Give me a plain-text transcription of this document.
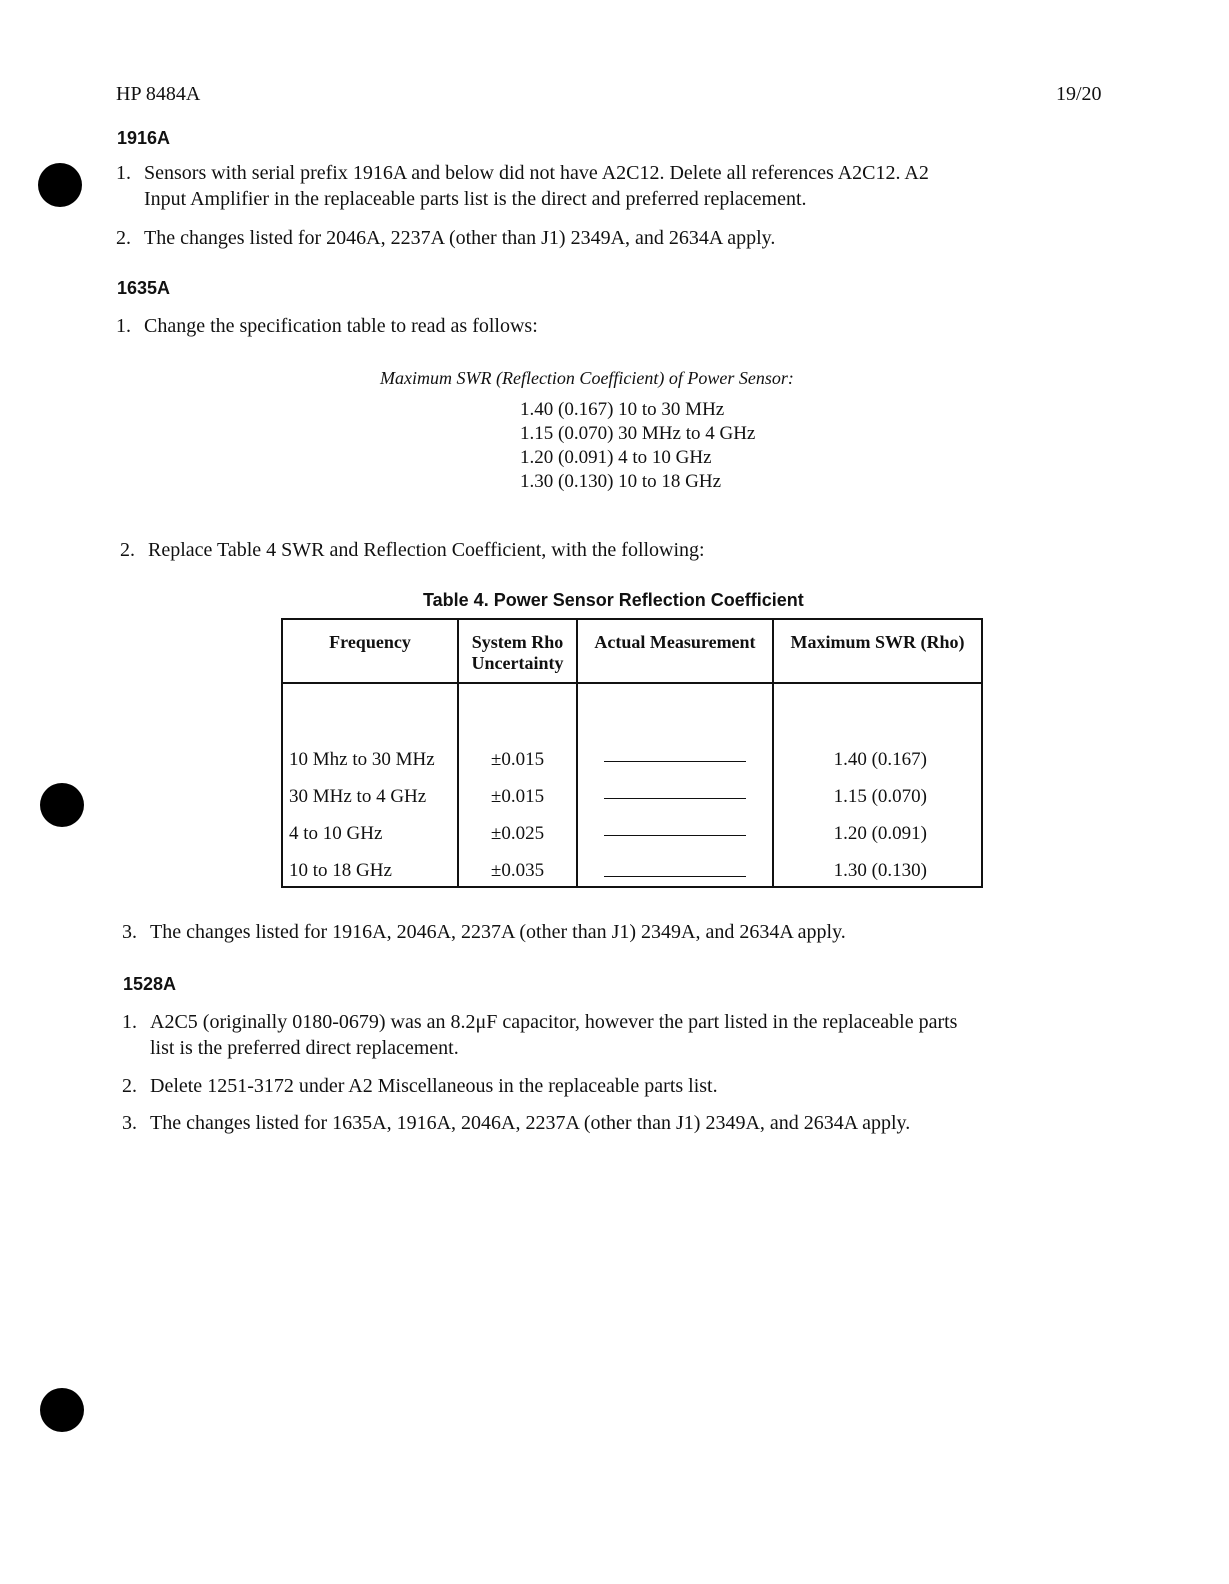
HP 8484A	19/20
1916A
1. Sensors with serial prefix 1916A and below did not have A2C12. Delete all references A2C12. A2
Input Amplifier in the replaceable parts list is the direct and preferred replacement.
2. The changes listed for 2046A, 2237A (other than J1) 2349A, and 2634A apply.
1635A
1. Change the specification table to read as follows:
Maximum SWR (Reflection Coefficient) of Power Sensor:
1.40 (0.167) 10 to 30 MHz
1.15 (0.070) 30 MHz to 4 GHz
1.20 (0.091) 4 to 10 GHz
1.30 (0.130) 10 to 18 GHz
2. Replace Table 4 SWR and Reflection Coefficient, with the following:
Table 4. Power Sensor Reflection Coefficient
Frequency	System Rho Uncertainty	Actual Measurement	Maximum SWR (Rho)

10 Mhz to 30 MHz	±0.015		1.40 (0.167)
30 MHz to 4 GHz	±0.015		1.15 (0.070)
4 to 10 GHz	±0.025		1.20 (0.091)
10 to 18 GHz	±0.035		1.30 (0.130)
3. The changes listed for 1916A, 2046A, 2237A (other than J1) 2349A, and 2634A apply.
1528A
1. A2C5 (originally 0180-0679) was an 8.2μF capacitor, however the part listed in the replaceable parts
list is the preferred direct replacement.
2. Delete 1251-3172 under A2 Miscellaneous in the replaceable parts list.
3. The changes listed for 1635A, 1916A, 2046A, 2237A (other than J1) 2349A, and 2634A apply.
